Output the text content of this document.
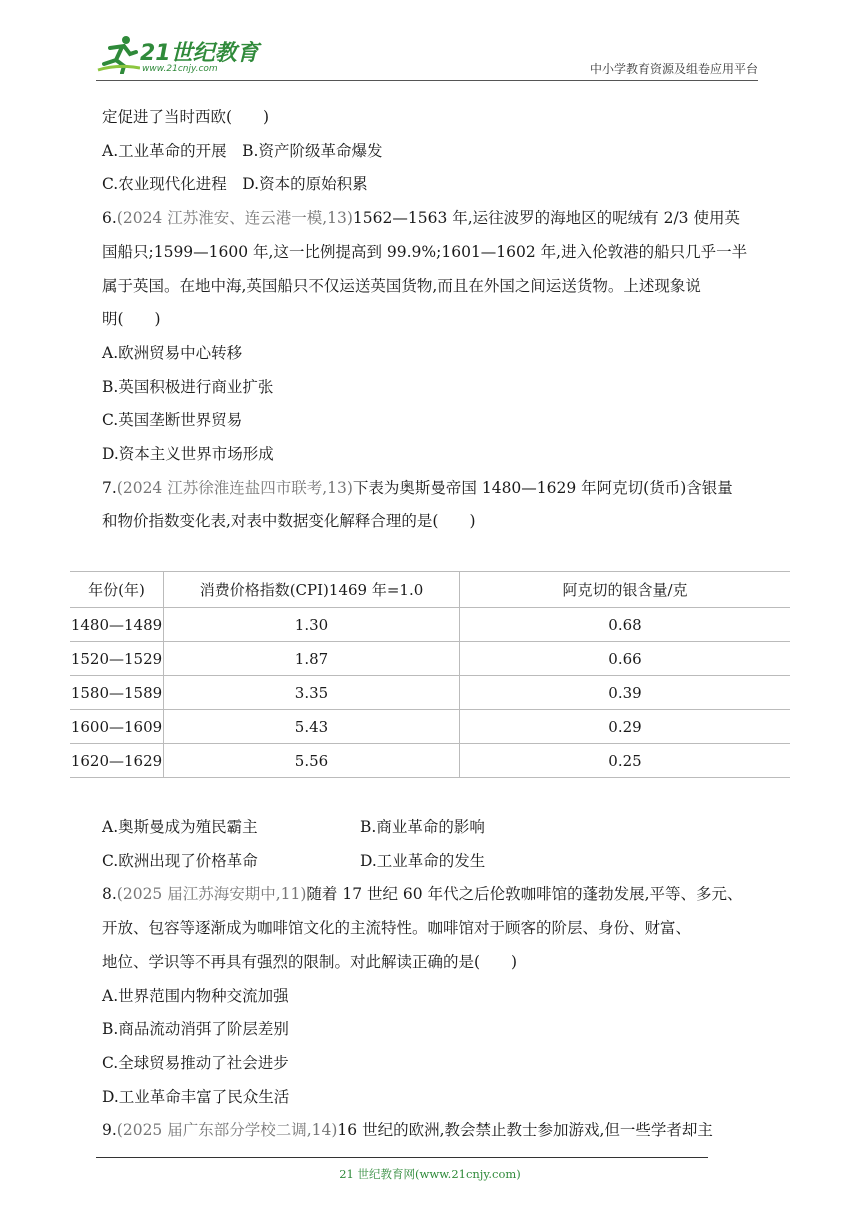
21世纪教育
www.21cnjy.com	中小学教育资源及组卷应用平台
定促进了当时西欧(　　)
A.工业革命的开展　 B.资产阶级革命爆发
C.农业现代化进程　 D.资本的原始积累
6.(2024 江苏淮安、连云港一模,13)1562—1563 年,运往波罗的海地区的呢绒有 2/3 使用英
国船只;1599—1600 年,这一比例提高到 99.9%;1601—1602 年,进入伦敦港的船只几乎一半
属于英国。在地中海,英国船只不仅运送英国货物,而且在外国之间运送货物。上述现象说
明(　　)
A.欧洲贸易中心转移
B.英国积极进行商业扩张
C.英国垄断世界贸易
D.资本主义世界市场形成
7.(2024 江苏徐淮连盐四市联考,13)下表为奥斯曼帝国 1480—1629 年阿克切(货币)含银量
和物价指数变化表,对表中数据变化解释合理的是(　　)
年份(年)	消费价格指数(CPI)1469 年=1.0	阿克切的银含量/克
1480—1489	1.30	0.68
1520—1529	1.87	0.66
1580—1589	3.35	0.39
1600—1609	5.43	0.29
1620—1629	5.56	0.25
A.奥斯曼成为殖民霸主	B.商业革命的影响
C.欧洲出现了价格革命	D.工业革命的发生
8.(2025 届江苏海安期中,11)随着 17 世纪 60 年代之后伦敦咖啡馆的蓬勃发展,平等、多元、
开放、包容等逐渐成为咖啡馆文化的主流特性。咖啡馆对于顾客的阶层、身份、财富、
地位、学识等不再具有强烈的限制。对此解读正确的是(　　)
A.世界范围内物种交流加强
B.商品流动消弭了阶层差别
C.全球贸易推动了社会进步
D.工业革命丰富了民众生活
9.(2025 届广东部分学校二调,14)16 世纪的欧洲,教会禁止教士参加游戏,但一些学者却主
21 世纪教育网(www.21cnjy.com)
